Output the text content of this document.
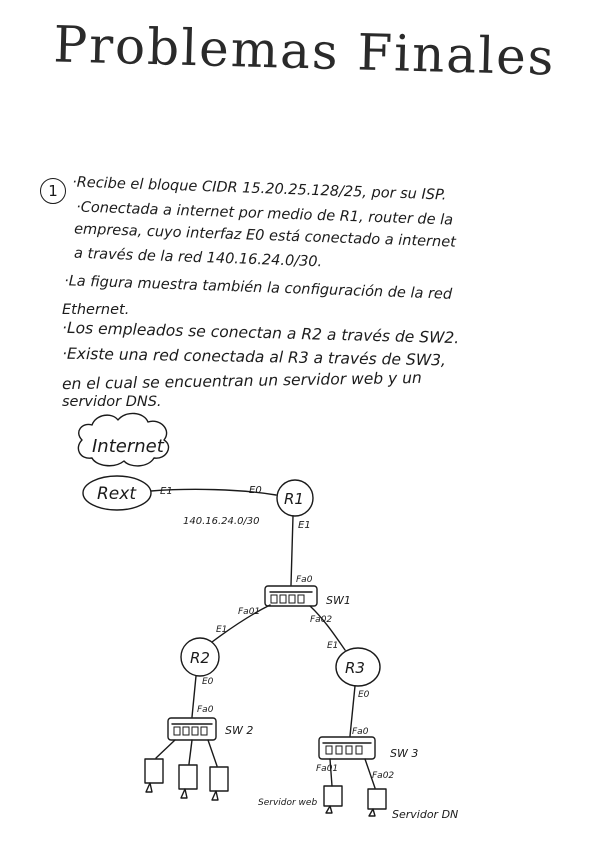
Problemas Finales
1 ·Recibe el bloque CIDR 15.20.25.128/25, por su ISP.
·Conectada a internet por medio de R1, router de la
empresa, cuyo interfaz E0 está conectado a internet
a través de la red 140.16.24.0/30.
·La figura muestra también la configuración de la red
Ethernet.
·Los empleados se conectan a R2 a través de SW2.
·Existe una red conectada al R3 a través de SW3,
en el cual se encuentran un servidor web y un
servidor DNS.
Internet
Rext	R1
R2
R3
SW1
SW 2
SW 3
E1	E0
140.16.24.0/30	E1
Fa0
Fa01
Fa02
E1
E1
E0
E0
Fa0
Fa0
Fa01
Fa02
Servidor web
Servidor DN
